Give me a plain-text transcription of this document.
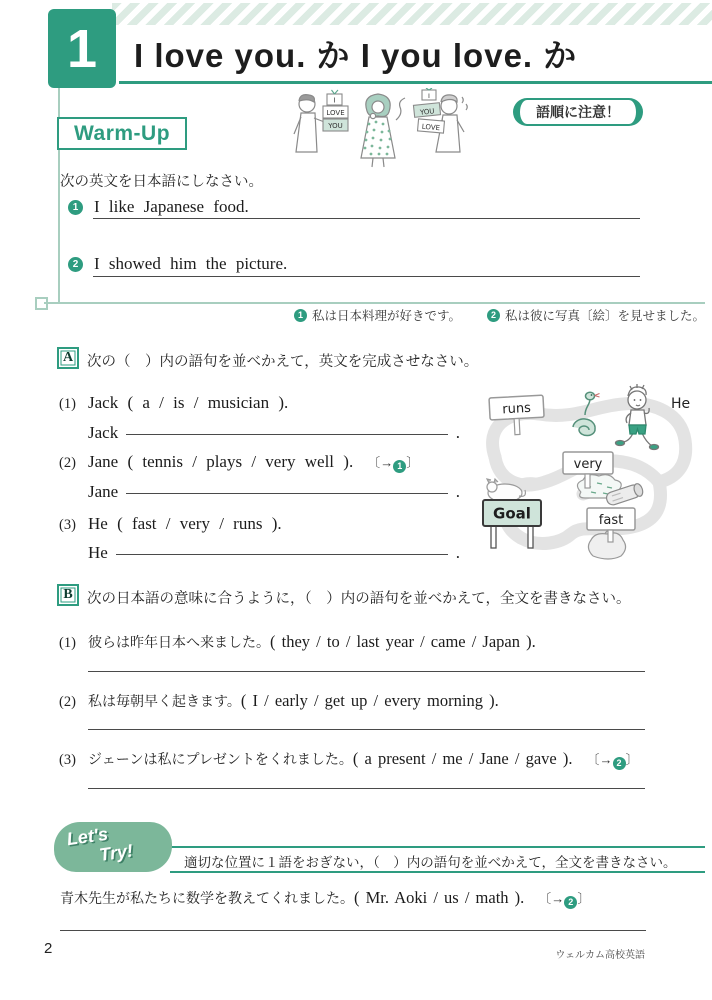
1 I love you. か I you love. か
語順に注意！
I
LOVE
YOU
I
YOU
LOVE
Warm-Up
次の英文を日本語にしなさい。
1 I like Japanese food.
2 I showed him the picture.
1 私は日本料理が好きです。	2 私は彼に写真〔絵〕を見せました。
A 次の（　）内の語句を並べかえて，英文を完成させなさい。
(1) Jack ( a / is / musician ).
Jack	.
(2) Jane ( tennis / plays / very well ). 〔→ 1 〕
Jane	.
(3) He ( fast / very / runs ).
He	.
He
runs
very
fast
Goal
B 次の日本語の意味に合うように，（　）内の語句を並べかえて，全文を書きなさい。
(1) 彼らは昨年日本へ来ました。 ( they / to / last year / came / Japan ).
(2) 私は毎朝早く起きます。 ( I / early / get up / every morning ).
(3) ジェーンは私にプレゼントをくれました。 ( a present / me / Jane / gave ). 〔→ 2 〕
Let's
Try!	適切な位置に１語をおぎない，（　）内の語句を並べかえて，全文を書きなさい。
青木先生が私たちに数学を教えてくれました。 ( Mr. Aoki / us / math ). 〔→ 2 〕
2	ウェルカム高校英語
